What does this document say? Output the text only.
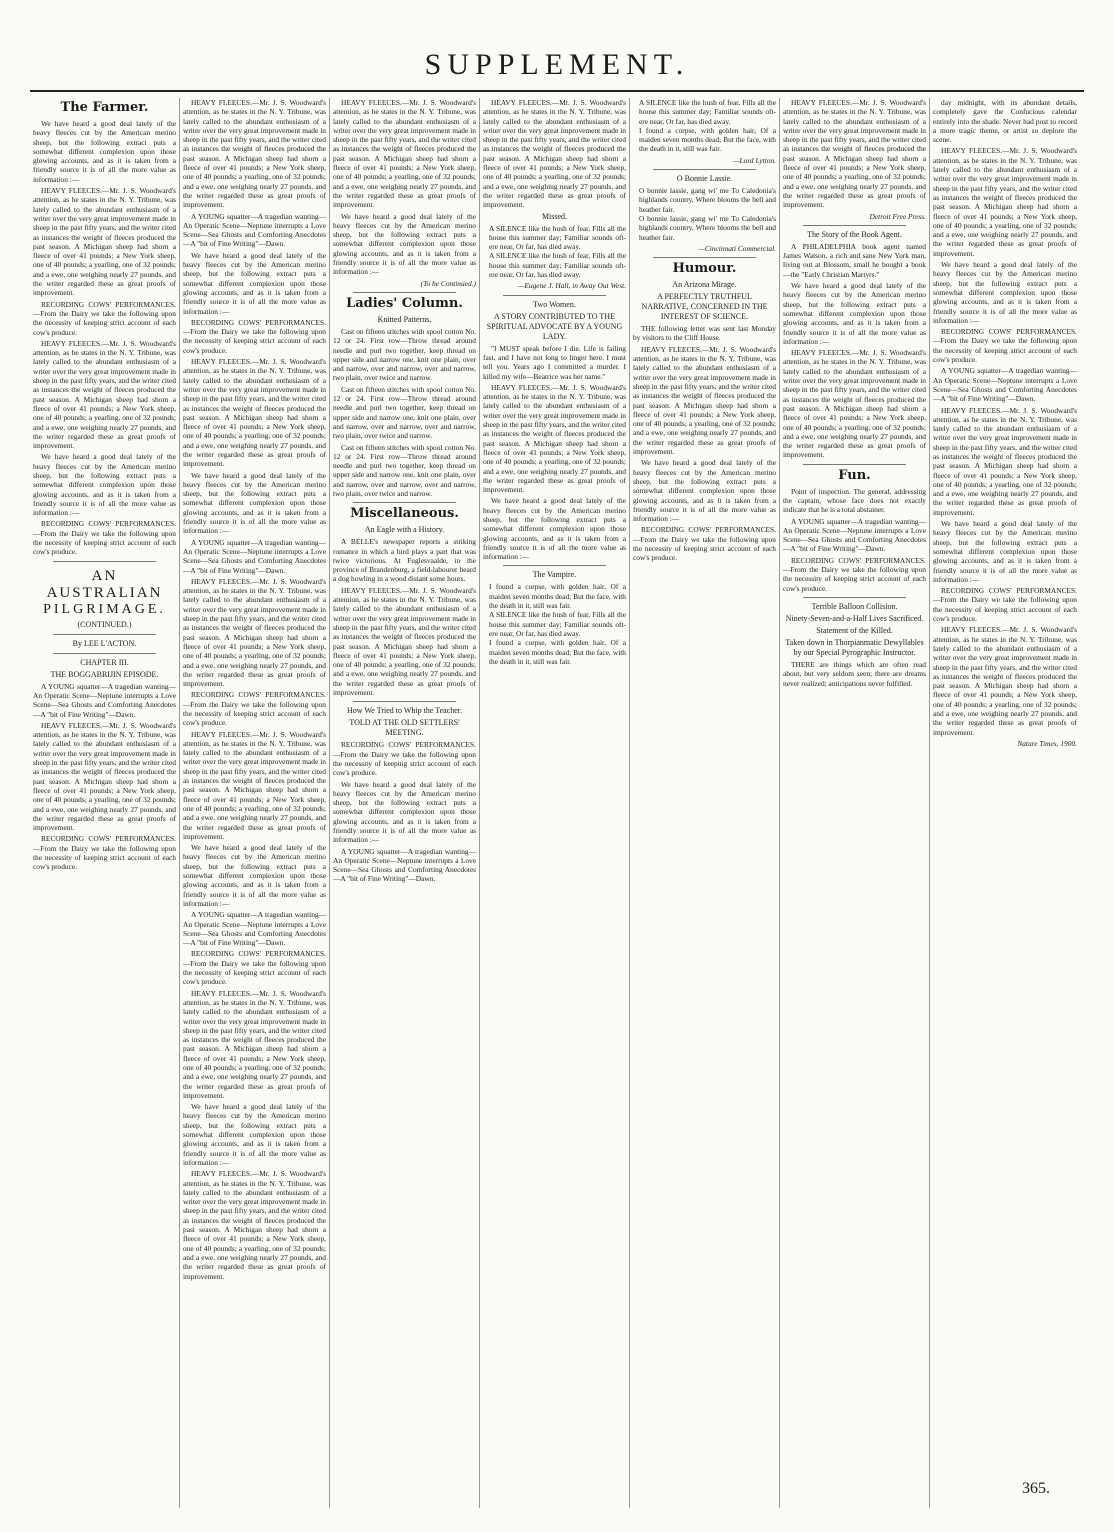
SUPPLEMENT.
The Farmer.

We have heard a good deal lately of the heavy fleeces cut by the American merino sheep, but the following extract puts a somewhat different complexion upon those glowing accounts, and as it is taken from a friendly source it is of all the more value as information :—

HEAVY FLEECES.—Mr. J. S. Woodward's attention, as he states in the N. Y. Tribune, was lately called to the abundant enthusiasm of a writer over the very great improvement made in sheep in the past fifty years, and the writer cited as instances the weight of fleeces produced the past season. A Michigan sheep had shorn a fleece of over 41 pounds; a New York sheep, one of 40 pounds; a yearling, one of 32 pounds; and a ewe, one weighing nearly 27 pounds, and the writer regarded these as great proofs of improvement.

RECORDING COWS' PERFORMANCES.—From the Dairy we take the following upon the necessity of keeping strict account of each cow's produce.

HEAVY FLEECES.—Mr. J. S. Woodward's attention, as he states in the N. Y. Tribune, was lately called to the abundant enthusiasm of a writer over the very great improvement made in sheep in the past fifty years, and the writer cited as instances the weight of fleeces produced the past season. A Michigan sheep had shorn a fleece of over 41 pounds; a New York sheep, one of 40 pounds; a yearling, one of 32 pounds; and a ewe, one weighing nearly 27 pounds, and the writer regarded these as great proofs of improvement.

We have heard a good deal lately of the heavy fleeces cut by the American merino sheep, but the following extract puts a somewhat different complexion upon those glowing accounts, and as it is taken from a friendly source it is of all the more value as information :—

RECORDING COWS' PERFORMANCES.—From the Dairy we take the following upon the necessity of keeping strict account of each cow's produce.

AN AUSTRALIAN
PILGRIMAGE.
(CONTINUED.)
By LEE L'ACTON.
CHAPTER III.
THE BOGGABRIJIN EPISODE.

A YOUNG squatter—A tragedian wanting—An Operatic Scene—Neptune interrupts a Love Scene—Sea Ghosts and Comforting Anecdotes—A "bit of Fine Writing"—Dawn.

HEAVY FLEECES.—Mr. J. S. Woodward's attention, as he states in the N. Y. Tribune, was lately called to the abundant enthusiasm of a writer over the very great improvement made in sheep in the past fifty years, and the writer cited as instances the weight of fleeces produced the past season. A Michigan sheep had shorn a fleece of over 41 pounds; a New York sheep, one of 40 pounds; a yearling, one of 32 pounds; and a ewe, one weighing nearly 27 pounds, and the writer regarded these as great proofs of improvement.

RECORDING COWS' PERFORMANCES.—From the Dairy we take the following upon the necessity of keeping strict account of each cow's produce.

HEAVY FLEECES.—Mr. J. S. Woodward's attention, as he states in the N. Y. Tribune, was lately called to the abundant enthusiasm of a writer over the very great improvement made in sheep in the past fifty years, and the writer cited as instances the weight of fleeces produced the past season. A Michigan sheep had shorn a fleece of over 41 pounds; a New York sheep, one of 40 pounds; a yearling, one of 32 pounds; and a ewe, one weighing nearly 27 pounds, and the writer regarded these as great proofs of improvement.

A YOUNG squatter—A tragedian wanting—An Operatic Scene—Neptune interrupts a Love Scene—Sea Ghosts and Comforting Anecdotes—A "bit of Fine Writing"—Dawn.

We have heard a good deal lately of the heavy fleeces cut by the American merino sheep, but the following extract puts a somewhat different complexion upon those glowing accounts, and as it is taken from a friendly source it is of all the more value as information :—

RECORDING COWS' PERFORMANCES.—From the Dairy we take the following upon the necessity of keeping strict account of each cow's produce.

HEAVY FLEECES.—Mr. J. S. Woodward's attention, as he states in the N. Y. Tribune, was lately called to the abundant enthusiasm of a writer over the very great improvement made in sheep in the past fifty years, and the writer cited as instances the weight of fleeces produced the past season. A Michigan sheep had shorn a fleece of over 41 pounds; a New York sheep, one of 40 pounds; a yearling, one of 32 pounds; and a ewe, one weighing nearly 27 pounds, and the writer regarded these as great proofs of improvement.

We have heard a good deal lately of the heavy fleeces cut by the American merino sheep, but the following extract puts a somewhat different complexion upon those glowing accounts, and as it is taken from a friendly source it is of all the more value as information :—

A YOUNG squatter—A tragedian wanting—An Operatic Scene—Neptune interrupts a Love Scene—Sea Ghosts and Comforting Anecdotes—A "bit of Fine Writing"—Dawn.

HEAVY FLEECES.—Mr. J. S. Woodward's attention, as he states in the N. Y. Tribune, was lately called to the abundant enthusiasm of a writer over the very great improvement made in sheep in the past fifty years, and the writer cited as instances the weight of fleeces produced the past season. A Michigan sheep had shorn a fleece of over 41 pounds; a New York sheep, one of 40 pounds; a yearling, one of 32 pounds; and a ewe, one weighing nearly 27 pounds, and the writer regarded these as great proofs of improvement.

RECORDING COWS' PERFORMANCES.—From the Dairy we take the following upon the necessity of keeping strict account of each cow's produce.

HEAVY FLEECES.—Mr. J. S. Woodward's attention, as he states in the N. Y. Tribune, was lately called to the abundant enthusiasm of a writer over the very great improvement made in sheep in the past fifty years, and the writer cited as instances the weight of fleeces produced the past season. A Michigan sheep had shorn a fleece of over 41 pounds; a New York sheep, one of 40 pounds; a yearling, one of 32 pounds; and a ewe, one weighing nearly 27 pounds, and the writer regarded these as great proofs of improvement.

We have heard a good deal lately of the heavy fleeces cut by the American merino sheep, but the following extract puts a somewhat different complexion upon those glowing accounts, and as it is taken from a friendly source it is of all the more value as information :—

A YOUNG squatter—A tragedian wanting—An Operatic Scene—Neptune interrupts a Love Scene—Sea Ghosts and Comforting Anecdotes—A "bit of Fine Writing"—Dawn.

RECORDING COWS' PERFORMANCES.—From the Dairy we take the following upon the necessity of keeping strict account of each cow's produce.

HEAVY FLEECES.—Mr. J. S. Woodward's attention, as he states in the N. Y. Tribune, was lately called to the abundant enthusiasm of a writer over the very great improvement made in sheep in the past fifty years, and the writer cited as instances the weight of fleeces produced the past season. A Michigan sheep had shorn a fleece of over 41 pounds; a New York sheep, one of 40 pounds; a yearling, one of 32 pounds; and a ewe, one weighing nearly 27 pounds, and the writer regarded these as great proofs of improvement.

We have heard a good deal lately of the heavy fleeces cut by the American merino sheep, but the following extract puts a somewhat different complexion upon those glowing accounts, and as it is taken from a friendly source it is of all the more value as information :—

HEAVY FLEECES.—Mr. J. S. Woodward's attention, as he states in the N. Y. Tribune, was lately called to the abundant enthusiasm of a writer over the very great improvement made in sheep in the past fifty years, and the writer cited as instances the weight of fleeces produced the past season. A Michigan sheep had shorn a fleece of over 41 pounds; a New York sheep, one of 40 pounds; a yearling, one of 32 pounds; and a ewe, one weighing nearly 27 pounds, and the writer regarded these as great proofs of improvement.

HEAVY FLEECES.—Mr. J. S. Woodward's attention, as he states in the N. Y. Tribune, was lately called to the abundant enthusiasm of a writer over the very great improvement made in sheep in the past fifty years, and the writer cited as instances the weight of fleeces produced the past season. A Michigan sheep had shorn a fleece of over 41 pounds; a New York sheep, one of 40 pounds; a yearling, one of 32 pounds; and a ewe, one weighing nearly 27 pounds, and the writer regarded these as great proofs of improvement.

We have heard a good deal lately of the heavy fleeces cut by the American merino sheep, but the following extract puts a somewhat different complexion upon those glowing accounts, and as it is taken from a friendly source it is of all the more value as information :—

(To be Continued.)
Ladies' Column.
Knitted Patterns.

Cast on fifteen stitches with spool cotton No. 12 or 24. First row—Throw thread around needle and purl two together, keep thread on upper side and narrow one, knit one plain, over and narrow, over and narrow, over and narrow, two plain, over twice and narrow.

Cast on fifteen stitches with spool cotton No. 12 or 24. First row—Throw thread around needle and purl two together, keep thread on upper side and narrow one, knit one plain, over and narrow, over and narrow, over and narrow, two plain, over twice and narrow.

Cast on fifteen stitches with spool cotton No. 12 or 24. First row—Throw thread around needle and purl two together, keep thread on upper side and narrow one, knit one plain, over and narrow, over and narrow, over and narrow, two plain, over twice and narrow.

Miscellaneous.
An Eagle with a History.

A BELLE's newspaper reports a striking romance in which a bird plays a part that was twice victorious. At Fuglesvaalde, in the province of Brandenburg, a field-labourer heard a dog howling in a wood distant some hours.

HEAVY FLEECES.—Mr. J. S. Woodward's attention, as he states in the N. Y. Tribune, was lately called to the abundant enthusiasm of a writer over the very great improvement made in sheep in the past fifty years, and the writer cited as instances the weight of fleeces produced the past season. A Michigan sheep had shorn a fleece of over 41 pounds; a New York sheep, one of 40 pounds; a yearling, one of 32 pounds; and a ewe, one weighing nearly 27 pounds, and the writer regarded these as great proofs of improvement.

How We Tried to Whip the Teacher.
TOLD AT THE OLD SETTLERS' MEETING.

RECORDING COWS' PERFORMANCES.—From the Dairy we take the following upon the necessity of keeping strict account of each cow's produce.

We have heard a good deal lately of the heavy fleeces cut by the American merino sheep, but the following extract puts a somewhat different complexion upon those glowing accounts, and as it is taken from a friendly source it is of all the more value as information :—

A YOUNG squatter—A tragedian wanting—An Operatic Scene—Neptune interrupts a Love Scene—Sea Ghosts and Comforting Anecdotes—A "bit of Fine Writing"—Dawn.

HEAVY FLEECES.—Mr. J. S. Woodward's attention, as he states in the N. Y. Tribune, was lately called to the abundant enthusiasm of a writer over the very great improvement made in sheep in the past fifty years, and the writer cited as instances the weight of fleeces produced the past season. A Michigan sheep had shorn a fleece of over 41 pounds; a New York sheep, one of 40 pounds; a yearling, one of 32 pounds; and a ewe, one weighing nearly 27 pounds, and the writer regarded these as great proofs of improvement.

Missed.

A SILENCE like the hush of fear, Fills all the house this summer day; Familiar sounds oft-ere near, Or far, has died away.

A SILENCE like the hush of fear, Fills all the house this summer day; Familiar sounds oft-ere near, Or far, has died away.

—Eugene J. Hall, in Away Out West.
Two Women.
A STORY CONTRIBUTED TO THE SPIRITUAL ADVOCATE BY A YOUNG LADY.

"I MUST speak before I die. Life is failing fast, and I have not long to linger here. I must tell you. Years ago I committed a murder. I killed my wife—Beatrice was her name."

HEAVY FLEECES.—Mr. J. S. Woodward's attention, as he states in the N. Y. Tribune, was lately called to the abundant enthusiasm of a writer over the very great improvement made in sheep in the past fifty years, and the writer cited as instances the weight of fleeces produced the past season. A Michigan sheep had shorn a fleece of over 41 pounds; a New York sheep, one of 40 pounds; a yearling, one of 32 pounds; and a ewe, one weighing nearly 27 pounds, and the writer regarded these as great proofs of improvement.

We have heard a good deal lately of the heavy fleeces cut by the American merino sheep, but the following extract puts a somewhat different complexion upon those glowing accounts, and as it is taken from a friendly source it is of all the more value as information :—

The Vampire.

I found a corpse, with golden hair, Of a maiden seven months dead; But the face, with the death in it, still was fair.

A SILENCE like the hush of fear, Fills all the house this summer day; Familiar sounds oft-ere near, Or far, has died away.

I found a corpse, with golden hair, Of a maiden seven months dead; But the face, with the death in it, still was fair.

A SILENCE like the hush of fear, Fills all the house this summer day; Familiar sounds oft-ere near, Or far, has died away.

I found a corpse, with golden hair, Of a maiden seven months dead; But the face, with the death in it, still was fair.

—Lord Lytton.
O Bonnie Lassie.

O bonnie lassie, gang wi' me To Caledonia's highlands country, Where blooms the bell and heather fair.

O bonnie lassie, gang wi' me To Caledonia's highlands country, Where blooms the bell and heather fair.

—Cincinnati Commercial.
Humour.
An Arizona Mirage.
A PERFECTLY TRUTHFUL NARRATIVE, CONCERNED IN THE INTEREST OF SCIENCE.

THE following letter was sent last Monday by visitors to the Cliff House.

HEAVY FLEECES.—Mr. J. S. Woodward's attention, as he states in the N. Y. Tribune, was lately called to the abundant enthusiasm of a writer over the very great improvement made in sheep in the past fifty years, and the writer cited as instances the weight of fleeces produced the past season. A Michigan sheep had shorn a fleece of over 41 pounds; a New York sheep, one of 40 pounds; a yearling, one of 32 pounds; and a ewe, one weighing nearly 27 pounds, and the writer regarded these as great proofs of improvement.

We have heard a good deal lately of the heavy fleeces cut by the American merino sheep, but the following extract puts a somewhat different complexion upon those glowing accounts, and as it is taken from a friendly source it is of all the more value as information :—

RECORDING COWS' PERFORMANCES.—From the Dairy we take the following upon the necessity of keeping strict account of each cow's produce.

HEAVY FLEECES.—Mr. J. S. Woodward's attention, as he states in the N. Y. Tribune, was lately called to the abundant enthusiasm of a writer over the very great improvement made in sheep in the past fifty years, and the writer cited as instances the weight of fleeces produced the past season. A Michigan sheep had shorn a fleece of over 41 pounds; a New York sheep, one of 40 pounds; a yearling, one of 32 pounds; and a ewe, one weighing nearly 27 pounds, and the writer regarded these as great proofs of improvement.

Detroit Free Press.
The Story of the Book Agent.

A PHILADELPHIA book agent named James Watson, a rich and sane New York man, living out at Blossom, small he bought a book—the "Early Christian Martyrs."

We have heard a good deal lately of the heavy fleeces cut by the American merino sheep, but the following extract puts a somewhat different complexion upon those glowing accounts, and as it is taken from a friendly source it is of all the more value as information :—

HEAVY FLEECES.—Mr. J. S. Woodward's attention, as he states in the N. Y. Tribune, was lately called to the abundant enthusiasm of a writer over the very great improvement made in sheep in the past fifty years, and the writer cited as instances the weight of fleeces produced the past season. A Michigan sheep had shorn a fleece of over 41 pounds; a New York sheep, one of 40 pounds; a yearling, one of 32 pounds; and a ewe, one weighing nearly 27 pounds, and the writer regarded these as great proofs of improvement.

Fun.

Point of inspection. The general, addressing the captain, whose face does not exactly indicate that he is a total abstainer.

A YOUNG squatter—A tragedian wanting—An Operatic Scene—Neptune interrupts a Love Scene—Sea Ghosts and Comforting Anecdotes—A "bit of Fine Writing"—Dawn.

RECORDING COWS' PERFORMANCES.—From the Dairy we take the following upon the necessity of keeping strict account of each cow's produce.

Terrible Balloon Collision.
Ninety-Seven-and-a-Half Lives Sacrificed.
Statement of the Killed.
Taken down in Thorpianmatic Dewyllables by our Special Pyrographic Instructor.

THERE are things which are often read about, but very seldom seen; there are dreams never realized; anticipations never fulfilled.

day midnight, with its abundant details, completely gave the Confucious calendar entirely into the shade. Never had post to record a more tragic theme, or artist so deplore the scene.

HEAVY FLEECES.—Mr. J. S. Woodward's attention, as he states in the N. Y. Tribune, was lately called to the abundant enthusiasm of a writer over the very great improvement made in sheep in the past fifty years, and the writer cited as instances the weight of fleeces produced the past season. A Michigan sheep had shorn a fleece of over 41 pounds; a New York sheep, one of 40 pounds; a yearling, one of 32 pounds; and a ewe, one weighing nearly 27 pounds, and the writer regarded these as great proofs of improvement.

We have heard a good deal lately of the heavy fleeces cut by the American merino sheep, but the following extract puts a somewhat different complexion upon those glowing accounts, and as it is taken from a friendly source it is of all the more value as information :—

RECORDING COWS' PERFORMANCES.—From the Dairy we take the following upon the necessity of keeping strict account of each cow's produce.

A YOUNG squatter—A tragedian wanting—An Operatic Scene—Neptune interrupts a Love Scene—Sea Ghosts and Comforting Anecdotes—A "bit of Fine Writing"—Dawn.

HEAVY FLEECES.—Mr. J. S. Woodward's attention, as he states in the N. Y. Tribune, was lately called to the abundant enthusiasm of a writer over the very great improvement made in sheep in the past fifty years, and the writer cited as instances the weight of fleeces produced the past season. A Michigan sheep had shorn a fleece of over 41 pounds; a New York sheep, one of 40 pounds; a yearling, one of 32 pounds; and a ewe, one weighing nearly 27 pounds, and the writer regarded these as great proofs of improvement.

We have heard a good deal lately of the heavy fleeces cut by the American merino sheep, but the following extract puts a somewhat different complexion upon those glowing accounts, and as it is taken from a friendly source it is of all the more value as information :—

RECORDING COWS' PERFORMANCES.—From the Dairy we take the following upon the necessity of keeping strict account of each cow's produce.

HEAVY FLEECES.—Mr. J. S. Woodward's attention, as he states in the N. Y. Tribune, was lately called to the abundant enthusiasm of a writer over the very great improvement made in sheep in the past fifty years, and the writer cited as instances the weight of fleeces produced the past season. A Michigan sheep had shorn a fleece of over 41 pounds; a New York sheep, one of 40 pounds; a yearling, one of 32 pounds; and a ewe, one weighing nearly 27 pounds, and the writer regarded these as great proofs of improvement.

Nature Times, 1900.
365.
